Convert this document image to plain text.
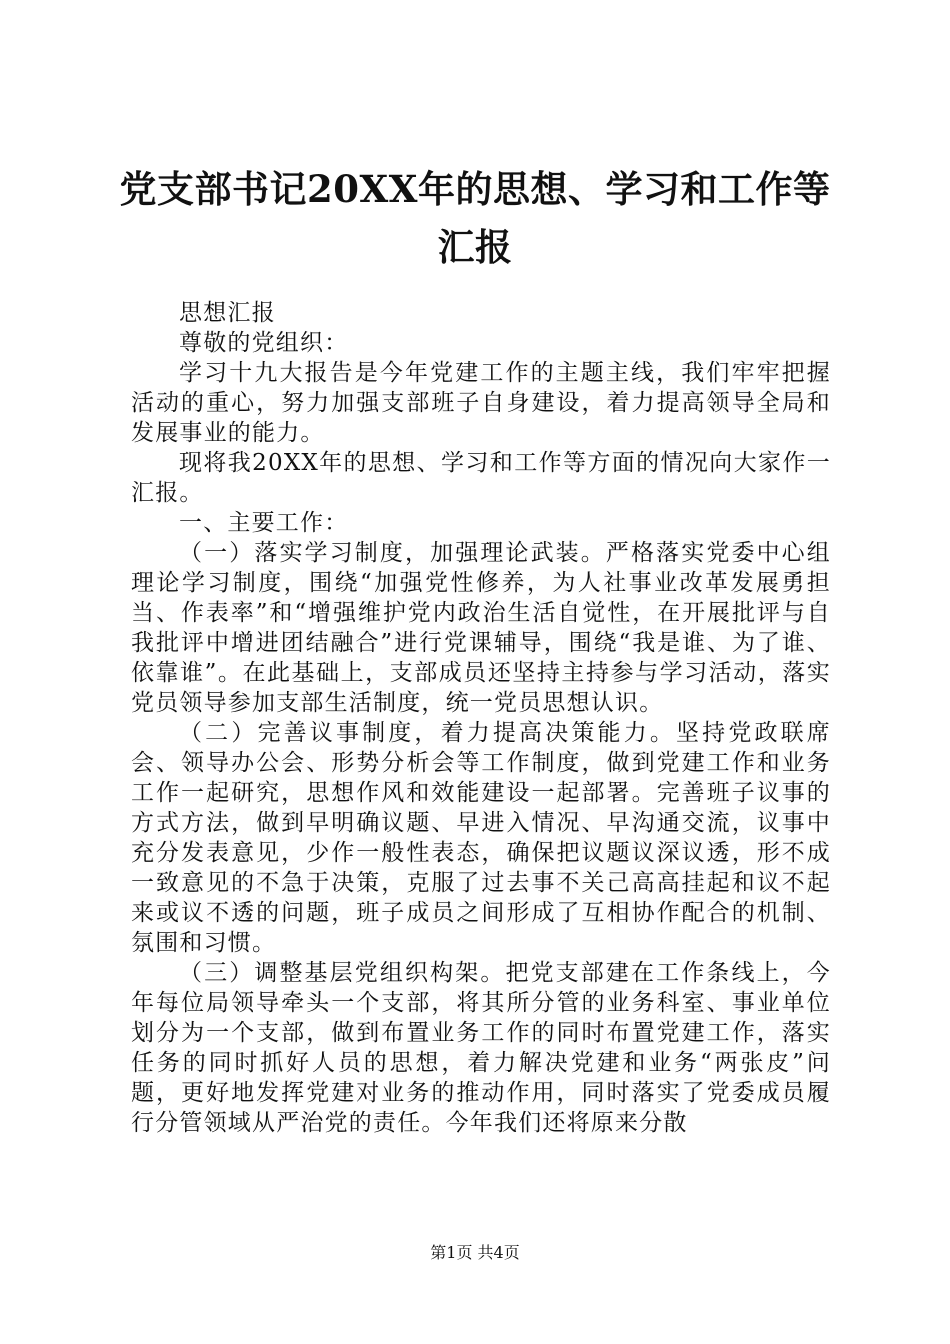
党支部书记20XX年的思想、学习和工作等汇报

思想汇报

尊敬的党组织：

学习十九大报告是今年党建工作的主题主线，我们牢牢把握活动的重心，努力加强支部班子自身建设，着力提高领导全局和发展事业的能力。

现将我20XX年的思想、学习和工作等方面的情况向大家作一汇报。

一、主要工作：

（一）落实学习制度，加强理论武装。严格落实党委中心组理论学习制度，围绕“加强党性修养，为人社事业改革发展勇担当、作表率”和“增强维护党内政治生活自觉性，在开展批评与自我批评中增进团结融合”进行党课辅导，围绕“我是谁、为了谁、依靠谁”。在此基础上，支部成员还坚持主持参与学习活动，落实党员领导参加支部生活制度，统一党员思想认识。

（二）完善议事制度，着力提高决策能力。坚持党政联席会、领导办公会、形势分析会等工作制度，做到党建工作和业务工作一起研究，思想作风和效能建设一起部署。完善班子议事的方式方法，做到早明确议题、早进入情况、早沟通交流，议事中充分发表意见，少作一般性表态，确保把议题议深议透，形不成一致意见的不急于决策，克服了过去事不关己高高挂起和议不起来或议不透的问题，班子成员之间形成了互相协作配合的机制、氛围和习惯。

（三）调整基层党组织构架。把党支部建在工作条线上，今年每位局领导牵头一个支部，将其所分管的业务科室、事业单位划分为一个支部，做到布置业务工作的同时布置党建工作，落实任务的同时抓好人员的思想，着力解决党建和业务“两张皮”问题，更好地发挥党建对业务的推动作用，同时落实了党委成员履行分管领域从严治党的责任。今年我们还将原来分散

第1页 共4页
